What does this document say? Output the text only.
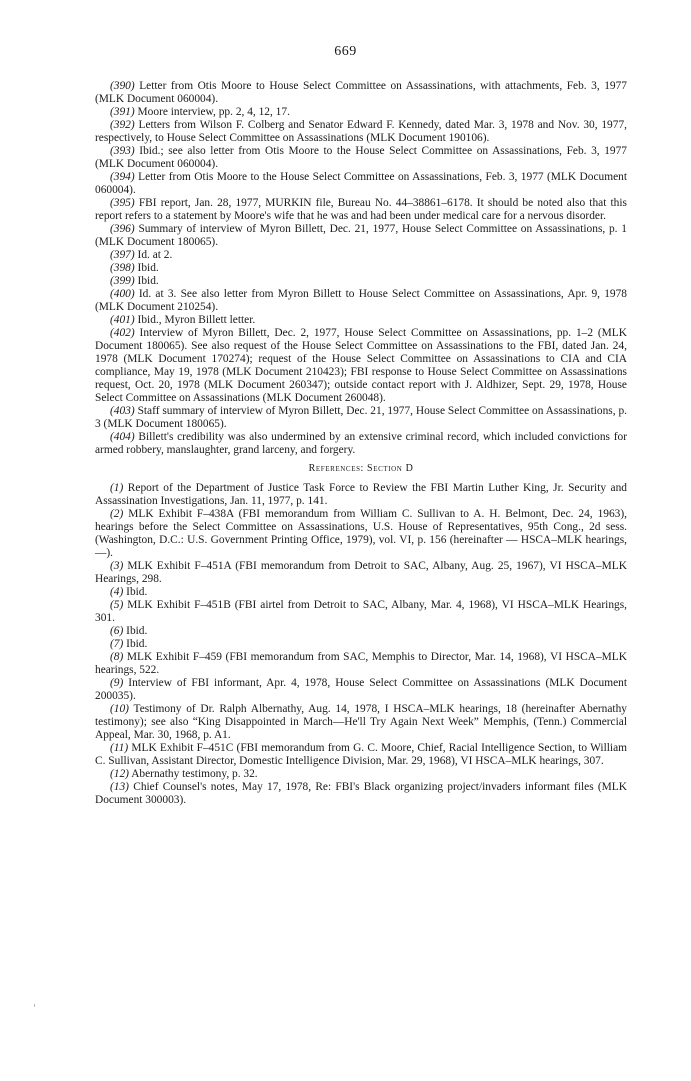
669

(390) Letter from Otis Moore to House Select Committee on Assassinations, with attachments, Feb. 3, 1977 (MLK Document 060004).

(391) Moore interview, pp. 2, 4, 12, 17.

(392) Letters from Wilson F. Colberg and Senator Edward F. Kennedy, dated Mar. 3, 1978 and Nov. 30, 1977, respectively, to House Select Committee on Assassinations (MLK Document 190106).

(393) Ibid.; see also letter from Otis Moore to the House Select Committee on Assassinations, Feb. 3, 1977 (MLK Document 060004).

(394) Letter from Otis Moore to the House Select Committee on Assassinations, Feb. 3, 1977 (MLK Document 060004).

(395) FBI report, Jan. 28, 1977, MURKIN file, Bureau No. 44–38861–6178. It should be noted also that this report refers to a statement by Moore's wife that he was and had been under medical care for a nervous disorder.

(396) Summary of interview of Myron Billett, Dec. 21, 1977, House Select Committee on Assassinations, p. 1 (MLK Document 180065).

(397) Id. at 2.

(398) Ibid.

(399) Ibid.

(400) Id. at 3. See also letter from Myron Billett to House Select Committee on Assassinations, Apr. 9, 1978 (MLK Document 210254).

(401) Ibid., Myron Billett letter.

(402) Interview of Myron Billett, Dec. 2, 1977, House Select Committee on Assassinations, pp. 1–2 (MLK Document 180065). See also request of the House Select Committee on Assassinations to the FBI, dated Jan. 24, 1978 (MLK Document 170274); request of the House Select Committee on Assassinations to CIA and CIA compliance, May 19, 1978 (MLK Document 210423); FBI response to House Select Committee on Assassinations request, Oct. 20, 1978 (MLK Document 260347); outside contact report with J. Aldhizer, Sept. 29, 1978, House Select Committee on Assassinations (MLK Document 260048).

(403) Staff summary of interview of Myron Billett, Dec. 21, 1977, House Select Committee on Assassinations, p. 3 (MLK Document 180065).

(404) Billett's credibility was also undermined by an extensive criminal record, which included convictions for armed robbery, manslaughter, grand larceny, and forgery.

References: Section D

(1) Report of the Department of Justice Task Force to Review the FBI Martin Luther King, Jr. Security and Assassination Investigations, Jan. 11, 1977, p. 141.

(2) MLK Exhibit F–438A (FBI memorandum from William C. Sullivan to A. H. Belmont, Dec. 24, 1963), hearings before the Select Committee on Assassinations, U.S. House of Representatives, 95th Cong., 2d sess. (Washington, D.C.: U.S. Government Printing Office, 1979), vol. VI, p. 156 (hereinafter — HSCA–MLK hearings, —).

(3) MLK Exhibit F–451A (FBI memorandum from Detroit to SAC, Albany, Aug. 25, 1967), VI HSCA–MLK Hearings, 298.

(4) Ibid.

(5) MLK Exhibit F–451B (FBI airtel from Detroit to SAC, Albany, Mar. 4, 1968), VI HSCA–MLK Hearings, 301.

(6) Ibid.

(7) Ibid.

(8) MLK Exhibit F–459 (FBI memorandum from SAC, Memphis to Director, Mar. 14, 1968), VI HSCA–MLK hearings, 522.

(9) Interview of FBI informant, Apr. 4, 1978, House Select Committee on Assassinations (MLK Document 200035).

(10) Testimony of Dr. Ralph Albernathy, Aug. 14, 1978, I HSCA–MLK hearings, 18 (hereinafter Abernathy testimony); see also “King Disappointed in March—He'll Try Again Next Week” Memphis, (Tenn.) Commercial Appeal, Mar. 30, 1968, p. A1.

(11) MLK Exhibit F–451C (FBI memorandum from G. C. Moore, Chief, Racial Intelligence Section, to William C. Sullivan, Assistant Director, Domestic Intelligence Division, Mar. 29, 1968), VI HSCA–MLK hearings, 307.

(12) Abernathy testimony, p. 32.

(13) Chief Counsel's notes, May 17, 1978, Re: FBI's Black organizing project/invaders informant files (MLK Document 300003).
